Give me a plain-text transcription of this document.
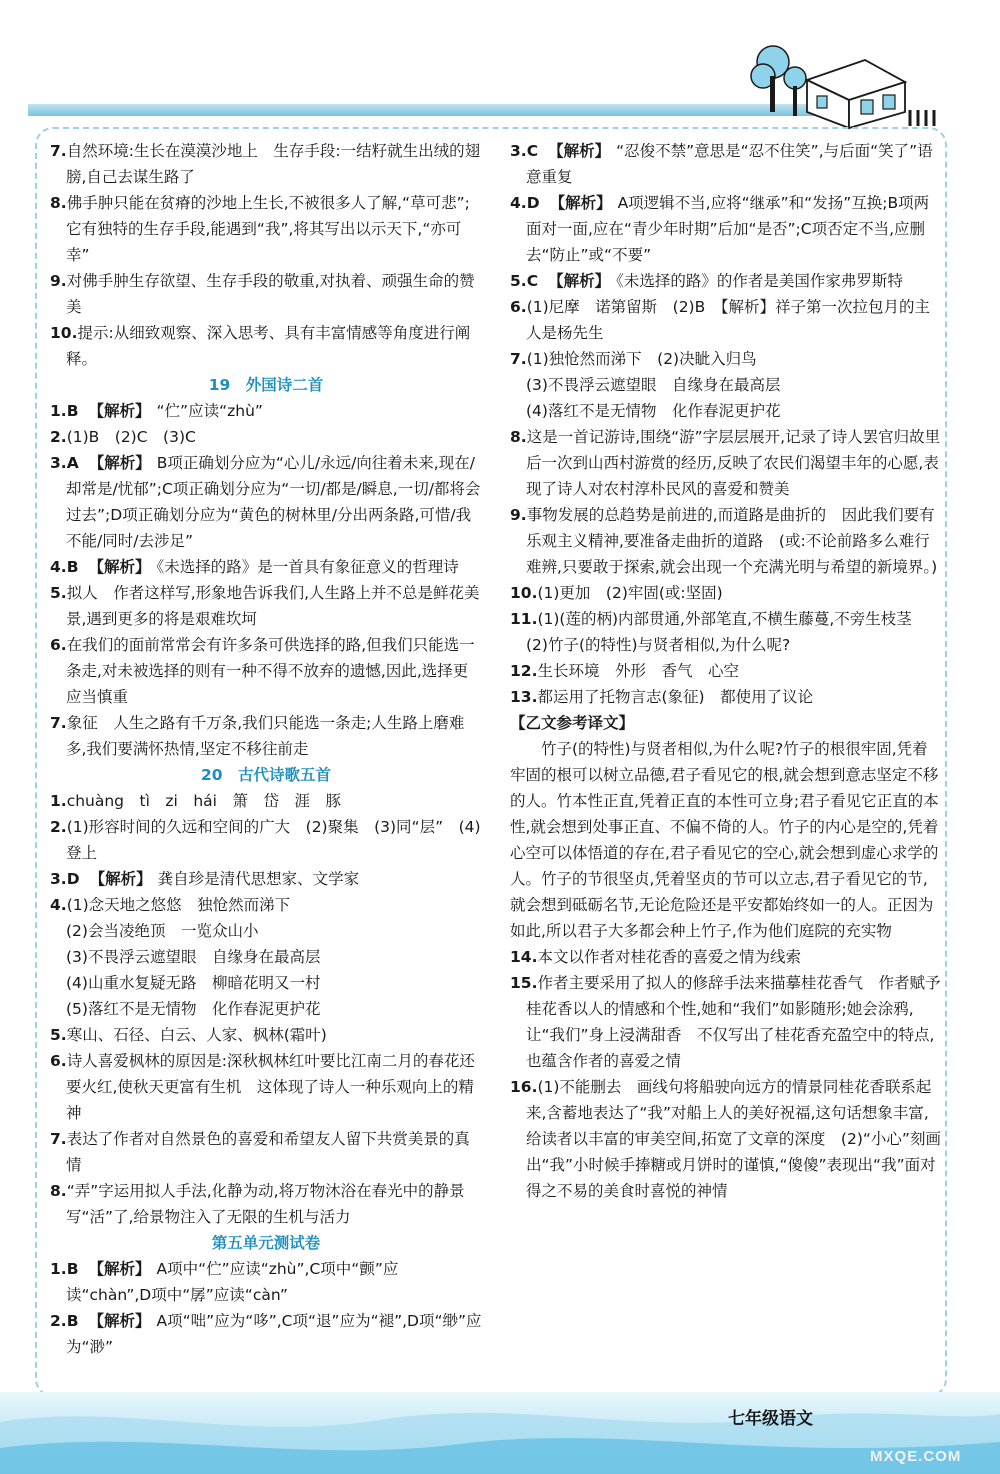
7.自然环境:生长在漠漠沙地上　生存手段:一结籽就生出绒的翅膀,自己去谋生路了
8.佛手肿只能在贫瘠的沙地上生长,不被很多人了解,“草可悲”;它有独特的生存手段,能遇到“我”,将其写出以示天下,“亦可幸”
9.对佛手肿生存欲望、生存手段的敬重,对执着、顽强生命的赞美
10.提示:从细致观察、深入思考、具有丰富情感等角度进行阐释。
19　外国诗二首
1.B 【解析】 “伫”应读“zhù”
2.(1)B　(2)C　(3)C
3.A 【解析】 B项正确划分应为“心儿/永远/向往着未来,现在/却常是/忧郁”;C项正确划分应为“一切/都是/瞬息,一切/都将会过去”;D项正确划分应为“黄色的树林里/分出两条路,可惜/我不能/同时/去涉足”
4.B 【解析】 《未选择的路》是一首具有象征意义的哲理诗
5.拟人　作者这样写,形象地告诉我们,人生路上并不总是鲜花美景,遇到更多的将是艰难坎坷
6.在我们的面前常常会有许多条可供选择的路,但我们只能选一条走,对未被选择的则有一种不得不放弃的遗憾,因此,选择更应当慎重
7.象征　人生之路有千万条,我们只能选一条走;人生路上磨难多,我们要满怀热情,坚定不移往前走
20　古代诗歌五首
1.chuàng　tì　zi　hái　箫　岱　涯　豚
2.(1)形容时间的久远和空间的广大　(2)聚集　(3)同“层”　(4)登上
3.D 【解析】 龚自珍是清代思想家、文学家
4.(1)念天地之悠悠　独怆然而涕下
(2)会当凌绝顶　一览众山小
(3)不畏浮云遮望眼　自缘身在最高层
(4)山重水复疑无路　柳暗花明又一村
(5)落红不是无情物　化作春泥更护花
5.寒山、石径、白云、人家、枫林(霜叶)
6.诗人喜爱枫林的原因是:深秋枫林红叶要比江南二月的春花还要火红,使秋天更富有生机　这体现了诗人一种乐观向上的精神
7.表达了作者对自然景色的喜爱和希望友人留下共赏美景的真情
8.“弄”字运用拟人手法,化静为动,将万物沐浴在春光中的静景写“活”了,给景物注入了无限的生机与活力
第五单元测试卷
1.B 【解析】 A项中“伫”应读“zhù”,C项中“颤”应读“chàn”,D项中“孱”应读“càn”
2.B 【解析】 A项“咄”应为“哆”,C项“退”应为“褪”,D项“缈”应为“渺”
3.C 【解析】 “忍俊不禁”意思是“忍不住笑”,与后面“笑了”语意重复
4.D 【解析】 A项逻辑不当,应将“继承”和“发扬”互换;B项两面对一面,应在“青少年时期”后加“是否”;C项否定不当,应删去“防止”或“不要”
5.C 【解析】 《未选择的路》的作者是美国作家弗罗斯特
6.(1)尼摩　诺第留斯　(2)B　【解析】祥子第一次拉包月的主人是杨先生
7.(1)独怆然而涕下　(2)决眦入归鸟
(3)不畏浮云遮望眼　自缘身在最高层
(4)落红不是无情物　化作春泥更护花
8.这是一首记游诗,围绕“游”字层层展开,记录了诗人罢官归故里后一次到山西村游赏的经历,反映了农民们渴望丰年的心愿,表现了诗人对农村淳朴民风的喜爱和赞美
9.事物发展的总趋势是前进的,而道路是曲折的　因此我们要有乐观主义精神,要准备走曲折的道路　(或:不论前路多么难行难辨,只要敢于探索,就会出现一个充满光明与希望的新境界。)
10.(1)更加　(2)牢固(或:坚固)
11.(1)(莲的柄)内部贯通,外部笔直,不横生藤蔓,不旁生枝茎
(2)竹子(的特性)与贤者相似,为什么呢?
12.生长环境　外形　香气　心空
13.都运用了托物言志(象征)　都使用了议论
【乙文参考译文】
竹子(的特性)与贤者相似,为什么呢?竹子的根很牢固,凭着牢固的根可以树立品德,君子看见它的根,就会想到意志坚定不移的人。竹本性正直,凭着正直的本性可立身;君子看见它正直的本性,就会想到处事正直、不偏不倚的人。竹子的内心是空的,凭着心空可以体悟道的存在,君子看见它的空心,就会想到虚心求学的人。竹子的节很坚贞,凭着坚贞的节可以立志,君子看见它的节,就会想到砥砺名节,无论危险还是平安都始终如一的人。正因为如此,所以君子大多都会种上竹子,作为他们庭院的充实物
14.本文以作者对桂花香的喜爱之情为线索
15.作者主要采用了拟人的修辞手法来描摹桂花香气　作者赋予桂花香以人的情感和个性,她和“我们”如影随形;她会涂鸦,让“我们”身上浸满甜香　不仅写出了桂花香充盈空中的特点,也蕴含作者的喜爱之情
16.(1)不能删去　画线句将船驶向远方的情景同桂花香联系起来,含蓄地表达了“我”对船上人的美好祝福,这句话想象丰富,给读者以丰富的审美空间,拓宽了文章的深度　(2)“小心”刻画出“我”小时候手捧糖或月饼时的谨慎,“傻傻”表现出“我”面对得之不易的美食时喜悦的神情
七年级语文
MXQE.COM
